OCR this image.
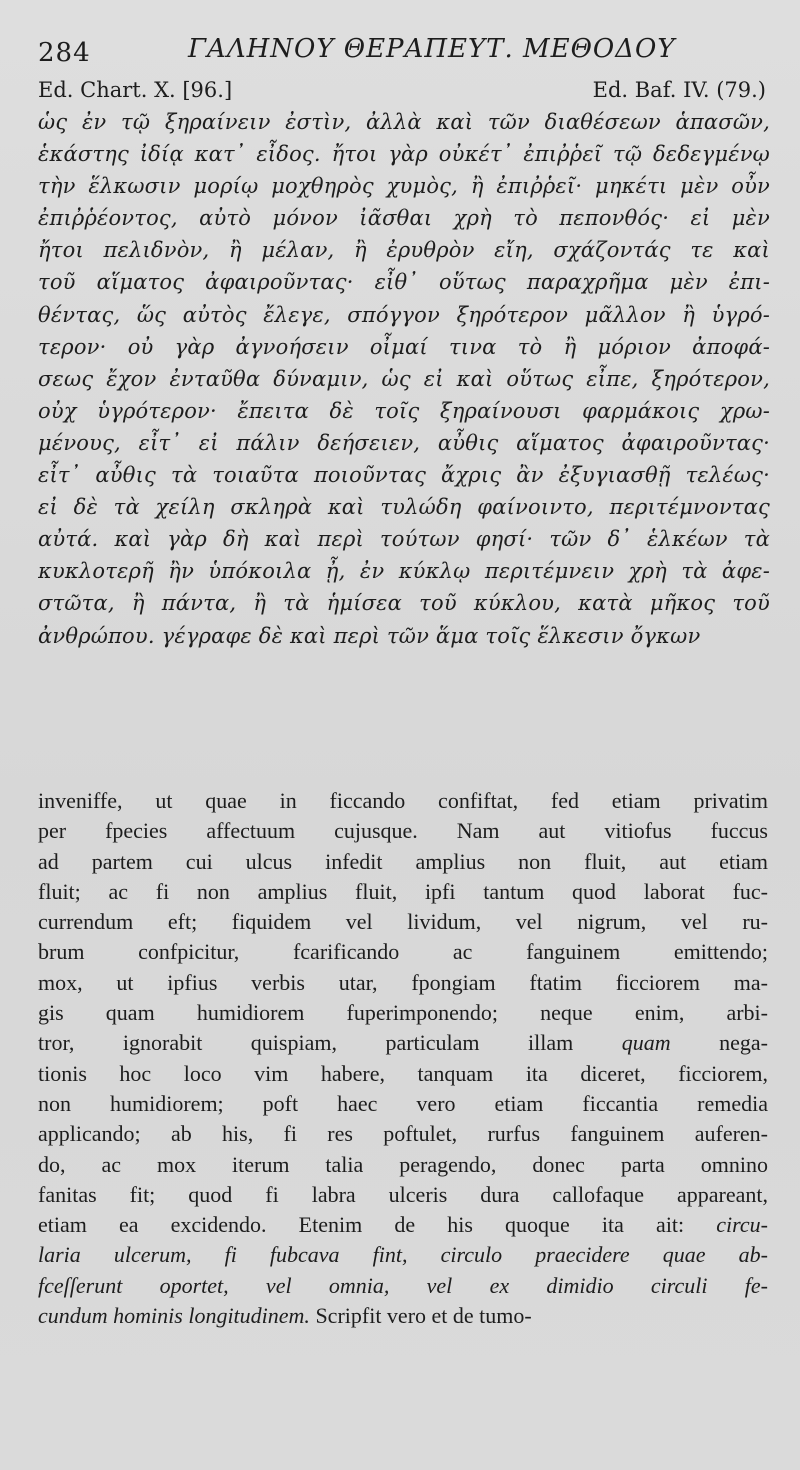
284	ΓΑΛΗΝΟΥ ΘΕΡΑΠΕΥΤ. ΜΕΘΟΔΟΥ
Ed. Chart. X. [96.]	Ed. Baf. IV. (79.)
ὡς ἐν τῷ ξηραίνειν ἐστὶν, ἀλλὰ καὶ τῶν διαθέσεων ἁπασῶν,
ἑκάστης ἰδίᾳ κατ᾽ εἶδος. ἤτοι γὰρ οὐκέτ᾽ ἐπιῤῥεῖ τῷ δεδεγμένῳ
τὴν ἕλκωσιν μορίῳ μοχθηρὸς χυμὸς, ἢ ἐπιῤῥεῖ· μηκέτι μὲν οὖν
ἐπιῤῥέοντος, αὐτὸ μόνον ἰᾶσθαι χρὴ τὸ πεπονθός· εἰ μὲν
ἤτοι πελιδνὸν, ἢ μέλαν, ἢ ἐρυθρὸν εἴη, σχάζοντάς τε καὶ
τοῦ αἵματος ἀφαιροῦντας· εἶθ᾽ οὕτως παραχρῆμα μὲν ἐπι-
θέντας, ὥς αὐτὸς ἔλεγε, σπόγγον ξηρότερον μᾶλλον ἢ ὑγρό-
τερον· οὐ γὰρ ἀγνοήσειν οἶμαί τινα τὸ ἢ μόριον ἀποφά-
σεως ἔχον ἐνταῦθα δύναμιν, ὡς εἰ καὶ οὕτως εἶπε, ξηρότερον,
οὐχ ὑγρότερον· ἔπειτα δὲ τοῖς ξηραίνουσι φαρμάκοις χρω-
μένους, εἶτ᾽ εἰ πάλιν δεήσειεν, αὖθις αἵματος ἀφαιροῦντας·
εἶτ᾽ αὖθις τὰ τοιαῦτα ποιοῦντας ἄχρις ἂν ἐξυγιασθῇ τελέως·
εἰ δὲ τὰ χείλη σκληρὰ καὶ τυλώδη φαίνοιντο, περιτέμνοντας
αὐτά. καὶ γὰρ δὴ καὶ περὶ τούτων φησί· τῶν δ᾽ ἑλκέων τὰ
κυκλοτερῆ ἢν ὑπόκοιλα ᾖ, ἐν κύκλῳ περιτέμνειν χρὴ τὰ ἀφε-
στῶτα, ἢ πάντα, ἢ τὰ ἡμίσεα τοῦ κύκλου, κατὰ μῆκος τοῦ
ἀνθρώπου. γέγραφε δὲ καὶ περὶ τῶν ἅμα τοῖς ἕλκεσιν ὄγκων
inveniffe, ut quae in ficcando confiftat, fed etiam privatim
per fpecies affectuum cujusque. Nam aut vitiofus fuccus
ad partem cui ulcus infedit amplius non fluit, aut etiam
fluit; ac fi non amplius fluit, ipfi tantum quod laborat fuc-
currendum eft; fiquidem vel lividum, vel nigrum, vel ru-
brum confpicitur, fcarificando ac fanguinem emittendo;
mox, ut ipfius verbis utar, fpongiam ftatim ficciorem ma-
gis quam humidiorem fuperimponendo; neque enim, arbi-
tror, ignorabit quispiam, particulam illam quam nega-
tionis hoc loco vim habere, tanquam ita diceret, ficciorem,
non humidiorem; poft haec vero etiam ficcantia remedia
applicando; ab his, fi res poftulet, rurfus fanguinem auferen-
do, ac mox iterum talia peragendo, donec parta omnino
fanitas fit; quod fi labra ulceris dura callofaque appareant,
etiam ea excidendo. Etenim de his quoque ita ait: circu-
laria ulcerum, fi fubcava fint, circulo praecidere quae ab-
fceſſerunt oportet, vel omnia, vel ex dimidio circuli fe-
cundum hominis longitudinem. Scripfit vero et de tumo-
